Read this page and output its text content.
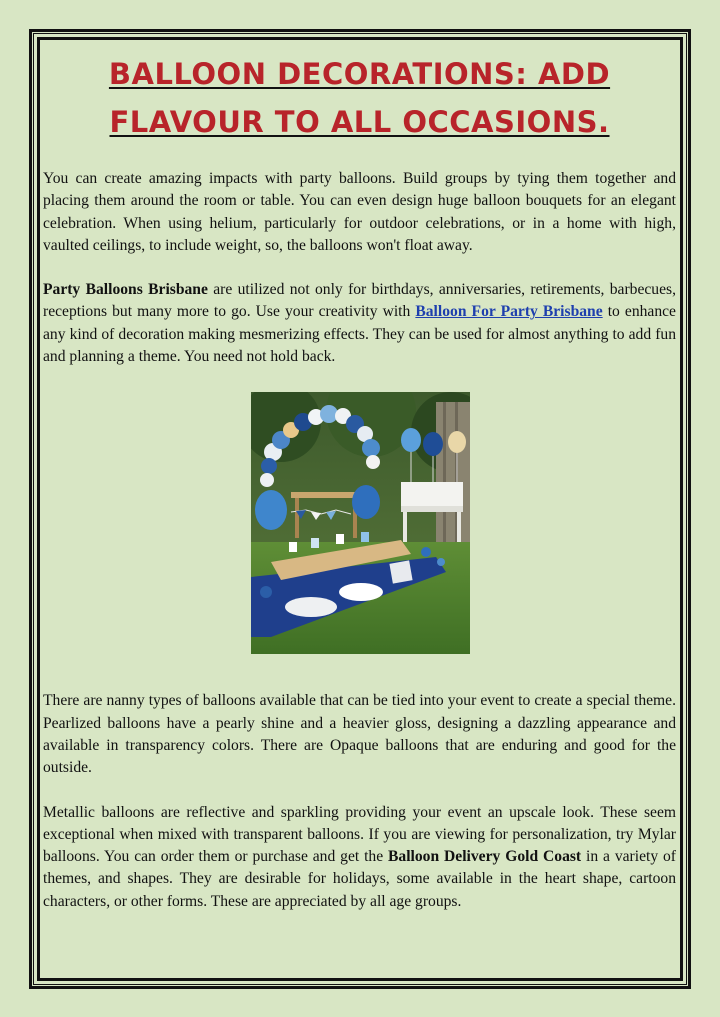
BALLOON DECORATIONS: ADD FLAVOUR TO ALL OCCASIONS.

You can create amazing impacts with party balloons. Build groups by tying them together and placing them around the room or table. You can even design huge balloon bouquets for an elegant celebration. When using helium, particularly for outdoor celebrations, or in a home with high, vaulted ceilings, to include weight, so, the balloons won't float away.

Party Balloons Brisbane are utilized not only for birthdays, anniversaries, retirements, barbecues, receptions but many more to go. Use your creativity with Balloon For Party Brisbane to enhance any kind of decoration making mesmerizing effects. They can be used for almost anything to add fun and planning a theme. You need not hold back.

There are nanny types of balloons available that can be tied into your event to create a special theme. Pearlized balloons have a pearly shine and a heavier gloss, designing a dazzling appearance and available in transparency colors. There are Opaque balloons that are enduring and good for the outside.

Metallic balloons are reflective and sparkling providing your event an upscale look. These seem exceptional when mixed with transparent balloons. If you are viewing for personalization, try Mylar balloons. You can order them or purchase and get the Balloon Delivery Gold Coast in a variety of themes, and shapes. They are desirable for holidays, some available in the heart shape, cartoon characters, or other forms. These are appreciated by all age groups.
